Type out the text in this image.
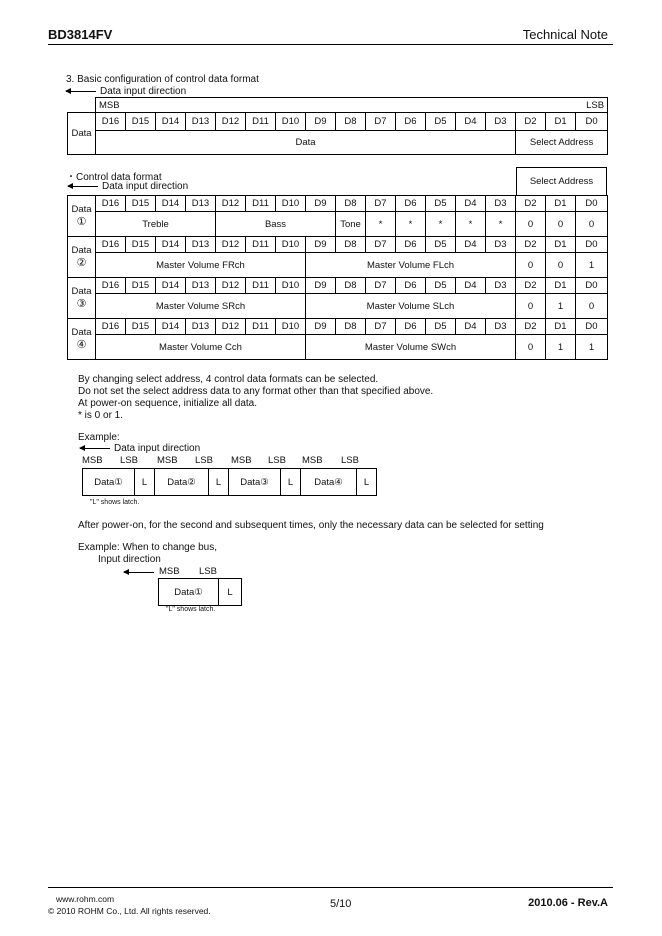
BD3814FV	Technical Note
3. Basic configuration of control data format
Data input direction
	MSB																LSB
Data	D16	D15	D14	D13	D12	D11	D10	D9	D8	D7	D6	D5	D4	D3	D2	D1	D0
	Data														Select Address		
・Control data format
Data input direction	Select Address
Data
①	D16	D15	D14	D13	D12	D11	D10	D9	D8	D7	D6	D5	D4	D3	D2	D1	D0
	Treble				Bass				Tone	*	*	*	*	*	0	0	0
Data
②	D16	D15	D14	D13	D12	D11	D10	D9	D8	D7	D6	D5	D4	D3	D2	D1	D0
	Master Volume FRch							Master Volume FLch							0	0	1
Data
③	D16	D15	D14	D13	D12	D11	D10	D9	D8	D7	D6	D5	D4	D3	D2	D1	D0
	Master Volume SRch							Master Volume SLch							0	1	0
Data
④	D16	D15	D14	D13	D12	D11	D10	D9	D8	D7	D6	D5	D4	D3	D2	D1	D0
	Master Volume Cch							Master Volume SWch							0	1	1
By changing select address, 4 control data formats can be selected.
Do not set the select address data to any format other than that specified above.
At power-on sequence, initialize all data.
* is 0 or 1.
Example:
Data input direction
MSB LSB MSB LSB MSB LSB MSB LSB
Data①	L	Data②	L	Data③	L	Data④	L
"L" shows latch.
After power-on, for the second and subsequent times, only the necessary data can be selected for setting
Example: When to change bus,
Input direction
MSB LSB
Data①	L
"L" shows latch.
www.rohm.com
© 2010 ROHM Co., Ltd. All rights reserved.
5/10	2010.06 - Rev.A
